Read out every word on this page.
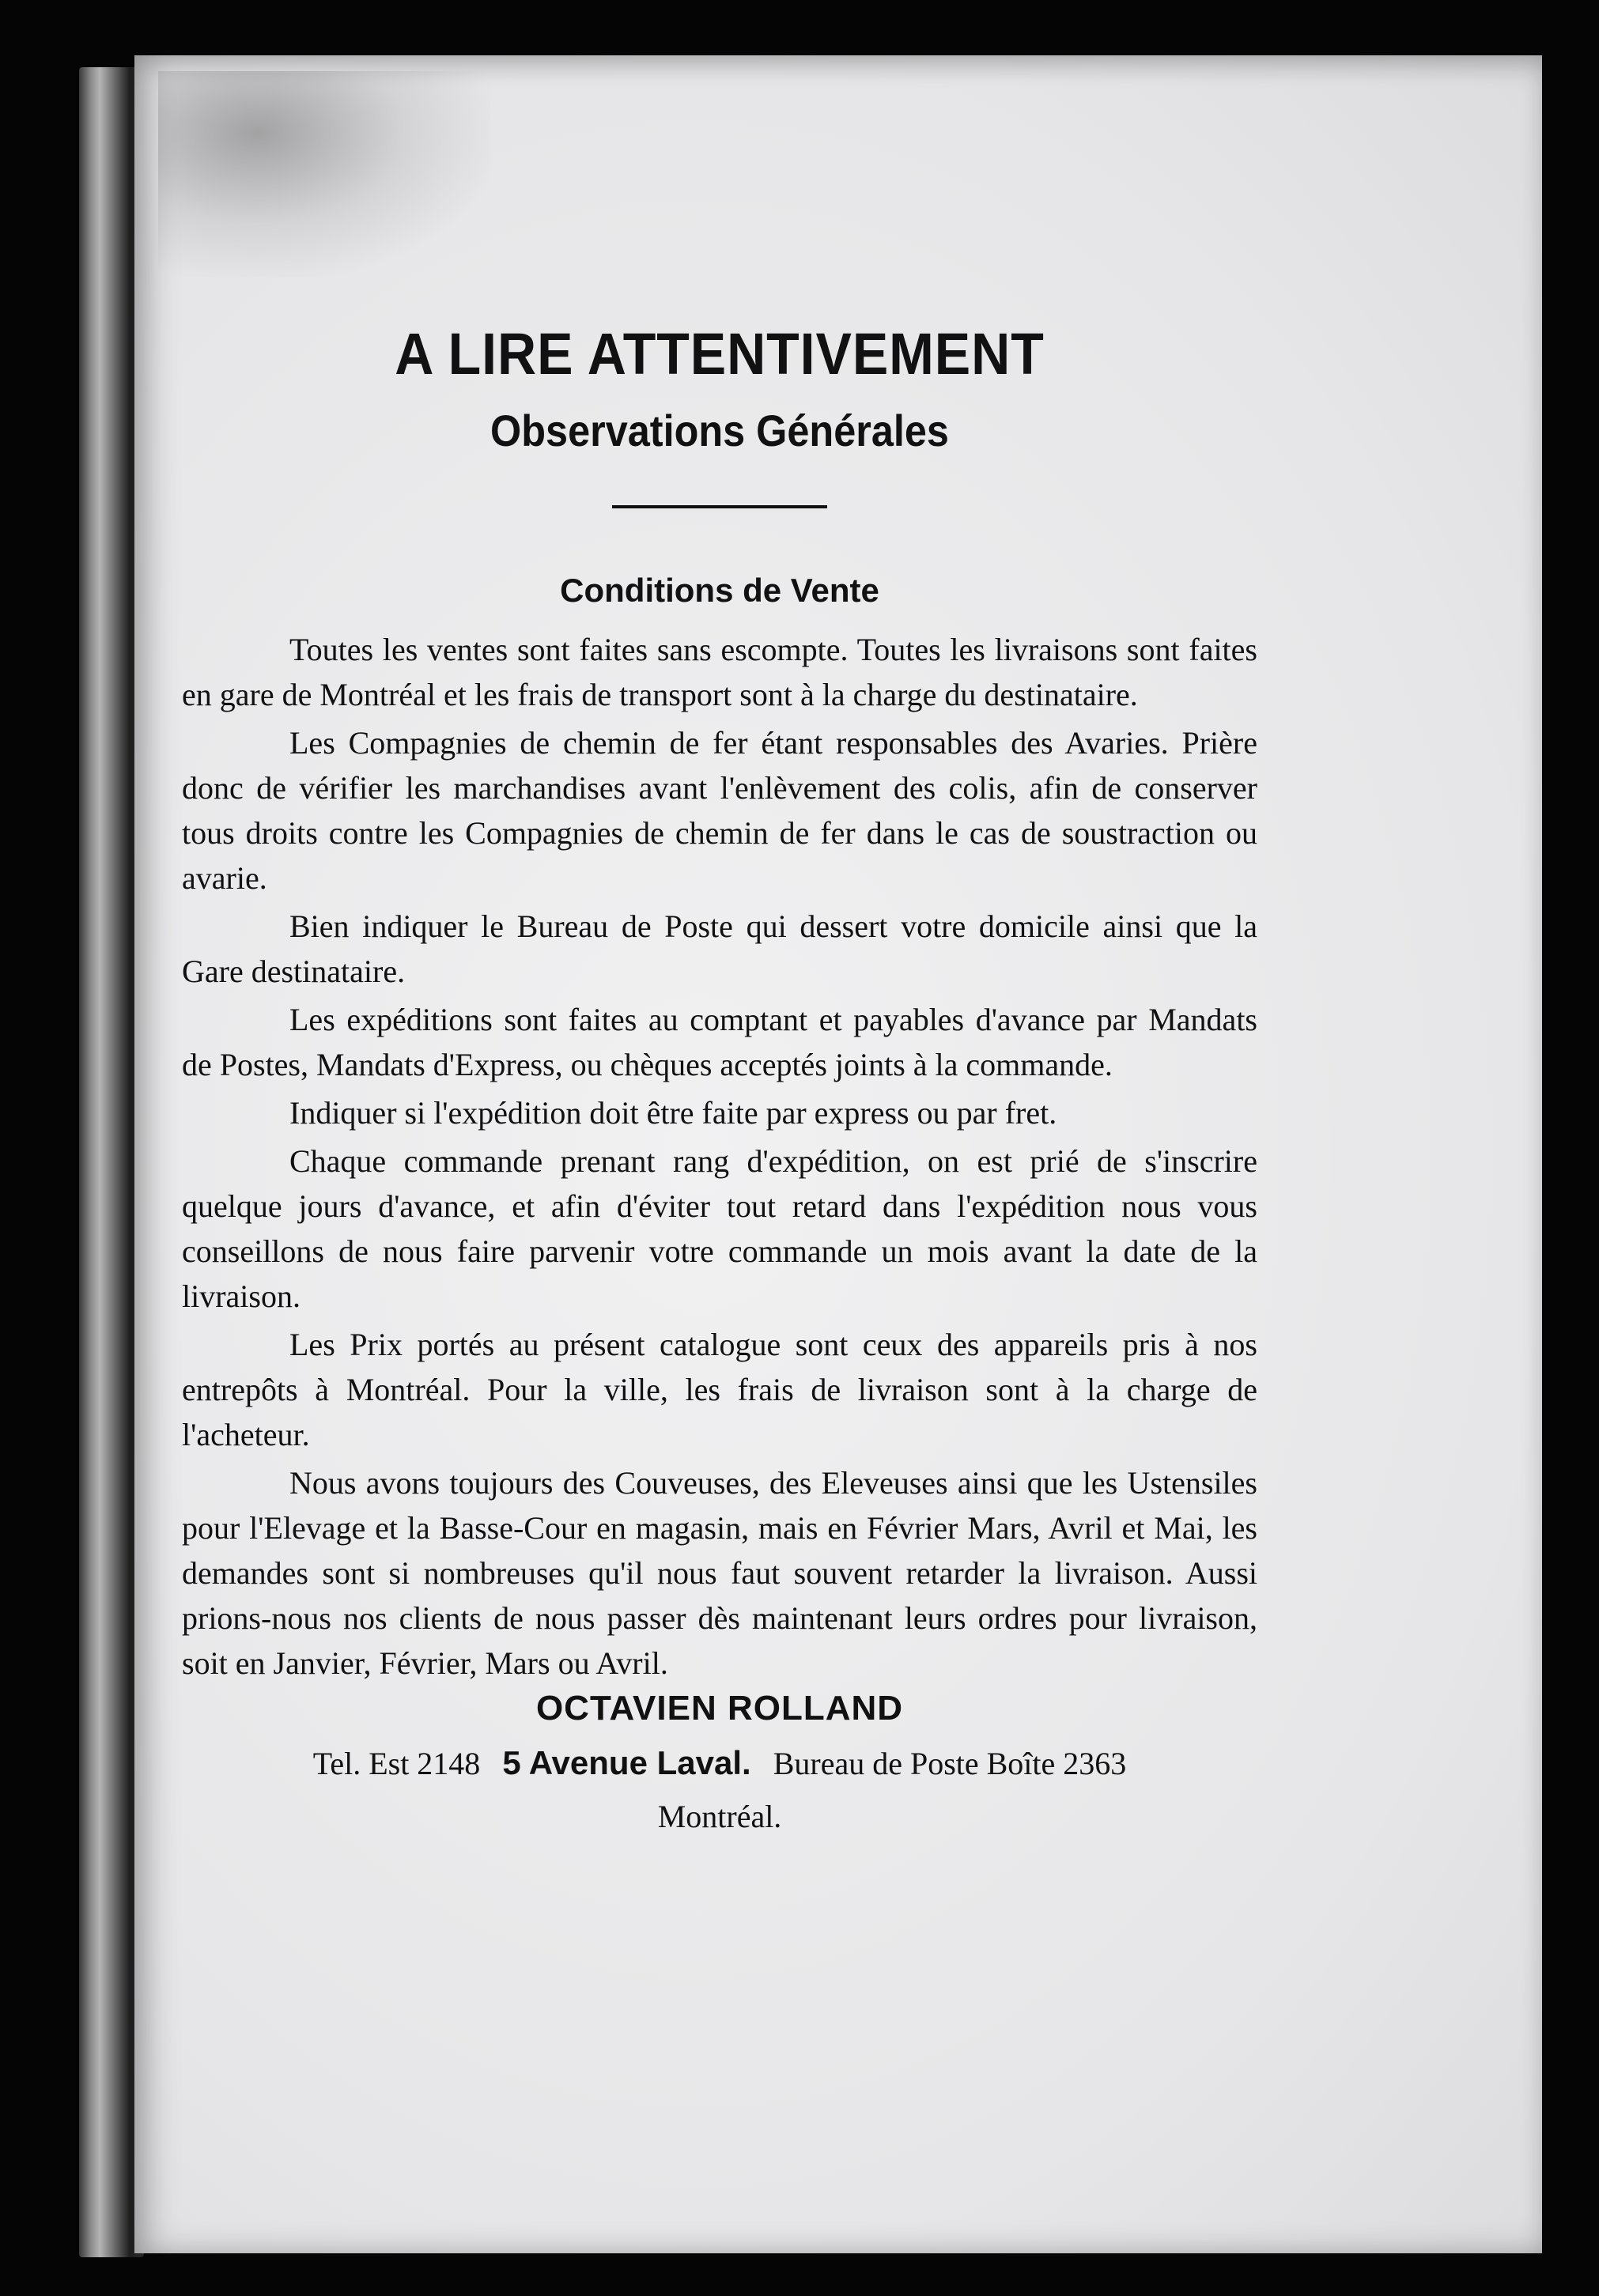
A LIRE ATTENTIVEMENT
Observations Générales
Conditions de Vente

Toutes les ventes sont faites sans escompte. Toutes les livraisons sont faites en gare de Montréal et les frais de transport sont à la charge du destinataire.

Les Compagnies de chemin de fer étant responsables des Avaries. Prière donc de vérifier les marchandises avant l'enlèvement des colis, afin de conserver tous droits contre les Compagnies de chemin de fer dans le cas de soustraction ou avarie.

Bien indiquer le Bureau de Poste qui dessert votre domicile ainsi que la Gare destinataire.

Les expéditions sont faites au comptant et payables d'avance par Mandats de Postes, Mandats d'Express, ou chèques acceptés joints à la commande.

Indiquer si l'expédition doit être faite par express ou par fret.

Chaque commande prenant rang d'expédition, on est prié de s'inscrire quelque jours d'avance, et afin d'éviter tout retard dans l'expédition nous vous conseillons de nous faire parvenir votre commande un mois avant la date de la livraison.

Les Prix portés au présent catalogue sont ceux des appareils pris à nos entrepôts à Montréal. Pour la ville, les frais de livraison sont à la charge de l'acheteur.

Nous avons toujours des Couveuses, des Eleveuses ainsi que les Ustensiles pour l'Elevage et la Basse-Cour en magasin, mais en Février Mars, Avril et Mai, les demandes sont si nombreuses qu'il nous faut souvent retarder la livraison. Aussi prions-nous nos clients de nous passer dès maintenant leurs ordres pour livraison, soit en Janvier, Février, Mars ou Avril.

OCTAVIEN ROLLAND
Tel. Est 2148 5 Avenue Laval. Bureau de Poste Boîte 2363
Montréal.
